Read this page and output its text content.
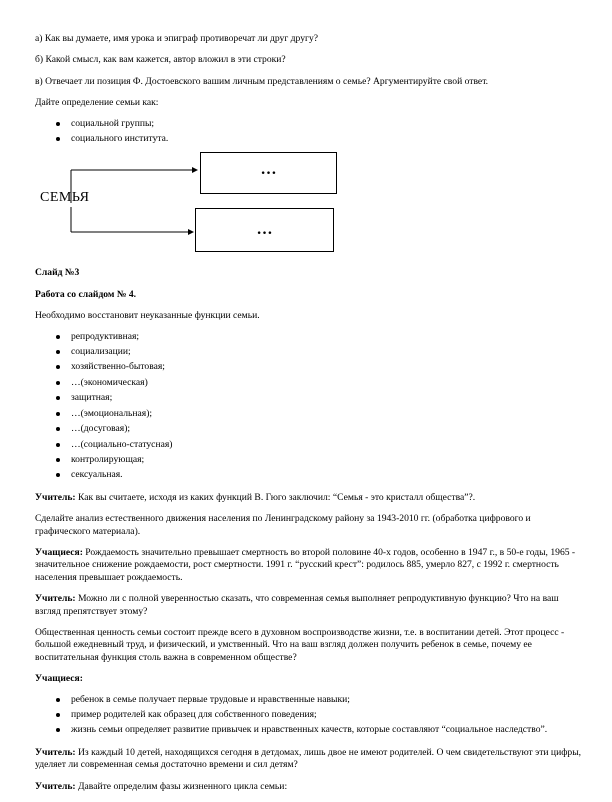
а) Как вы думаете, имя урока и эпиграф противоречат ли друг другу?

б) Какой смысл, как вам кажется, автор вложил в эти строки?

в) Отвечает ли позиция Ф. Достоевского вашим личным представлениям о семье? Аргументируйте свой ответ.

Дайте определение семьи как:

социальной группы;
социального института.
СЕМЬЯ
…
…

Слайд №3

Работа со слайдом № 4.

Необходимо восстановит неуказанные функции семьи.

репродуктивная;
социализации;
хозяйственно-бытовая;
…(экономическая)
защитная;
…(эмоциональная);
…(досуговая);
…(социально-статусная)
контролирующая;
сексуальная.

Учитель: Как вы считаете, исходя из каких функций В. Гюго заключил: “Семья - это кристалл общества”?.

Сделайте анализ естественного движения населения по Ленинградскому району за 1943-2010 гг. (обработка цифрового и графического материала).

Учащиеся: Рождаемость значительно превышает смертность во второй половине 40-х годов, особенно в 1947 г., в 50-е годы, 1965 - значительное снижение рождаемости, рост смертности. 1991 г. “русский крест”: родилось 885, умерло 827, с 1992 г. смертность населения превышает рождаемость.

Учитель: Можно ли с полной уверенностью сказать, что современная семья выполняет репродуктивную функцию? Что на ваш взгляд препятствует этому?

Общественная ценность семьи состоит прежде всего в духовном воспроизводстве жизни, т.е. в воспитании детей. Этот процесс - большой ежедневный труд, и физический, и умственный. Что на ваш взгляд должен получить ребенок в семье, почему ее воспитательная функция столь важна в современном обществе?

Учащиеся:

ребенок в семье получает первые трудовые и нравственные навыки;
пример родителей как образец для собственного поведения;
жизнь семьи определяет развитие привычек и нравственных качеств, которые составляют “социальное наследство”.

Учитель: Из каждый 10 детей, находящихся сегодня в детдомах, лишь двое не имеют родителей. О чем свидетельствуют эти цифры, уделяет ли современная семья достаточно времени и сил детям?

Учитель: Давайте определим фазы жизненного цикла семьи:
